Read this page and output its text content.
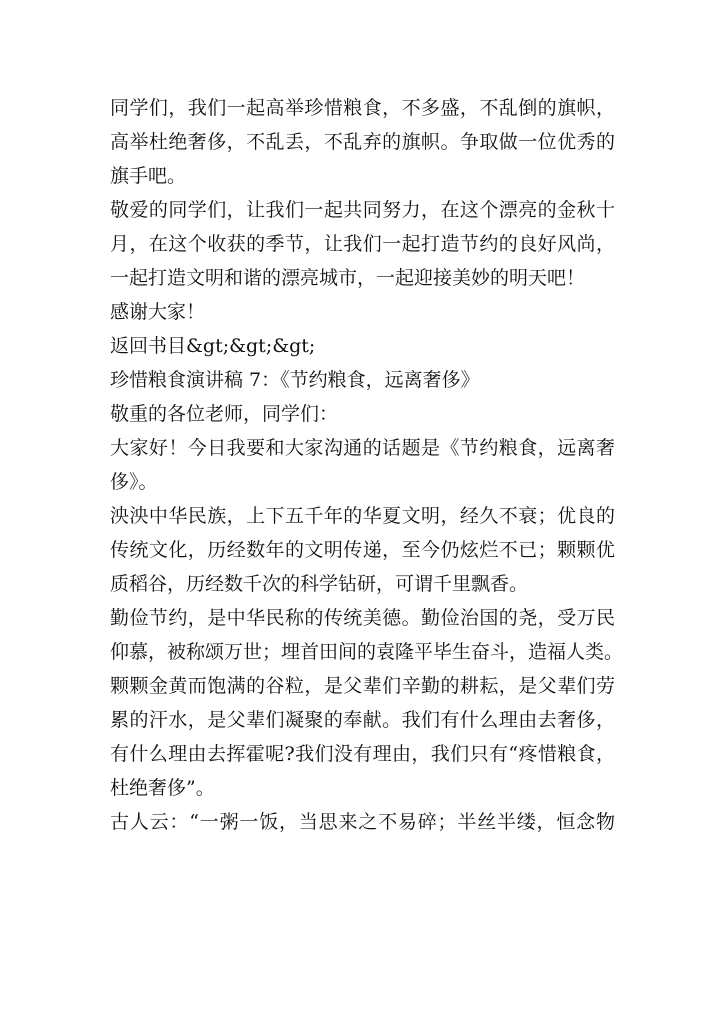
同学们，我们一起高举珍惜粮食，不多盛，不乱倒的旗帜，
高举杜绝奢侈，不乱丢，不乱弃的旗帜。争取做一位优秀的
旗手吧。
敬爱的同学们，让我们一起共同努力，在这个漂亮的金秋十
月，在这个收获的季节，让我们一起打造节约的良好风尚，
一起打造文明和谐的漂亮城市，一起迎接美妙的明天吧！
感谢大家！
返回书目&gt;&gt;&gt;
珍惜粮食演讲稿 7：《节约粮食，远离奢侈》
敬重的各位老师，同学们：
大家好！今日我要和大家沟通的话题是《节约粮食，远离奢
侈》。
泱泱中华民族，上下五千年的华夏文明，经久不衰；优良的
传统文化，历经数年的文明传递，至今仍炫烂不已；颗颗优
质稻谷，历经数千次的科学钻研，可谓千里飘香。
勤俭节约，是中华民称的传统美德。勤俭治国的尧，受万民
仰慕，被称颂万世；埋首田间的袁隆平毕生奋斗，造福人类。
颗颗金黄而饱满的谷粒，是父辈们辛勤的耕耘，是父辈们劳
累的汗水，是父辈们凝聚的奉献。我们有什么理由去奢侈，
有什么理由去挥霍呢?我们没有理由，我们只有“疼惜粮食，
杜绝奢侈”。
古人云：“一粥一饭，当思来之不易碎；半丝半缕，恒念物
